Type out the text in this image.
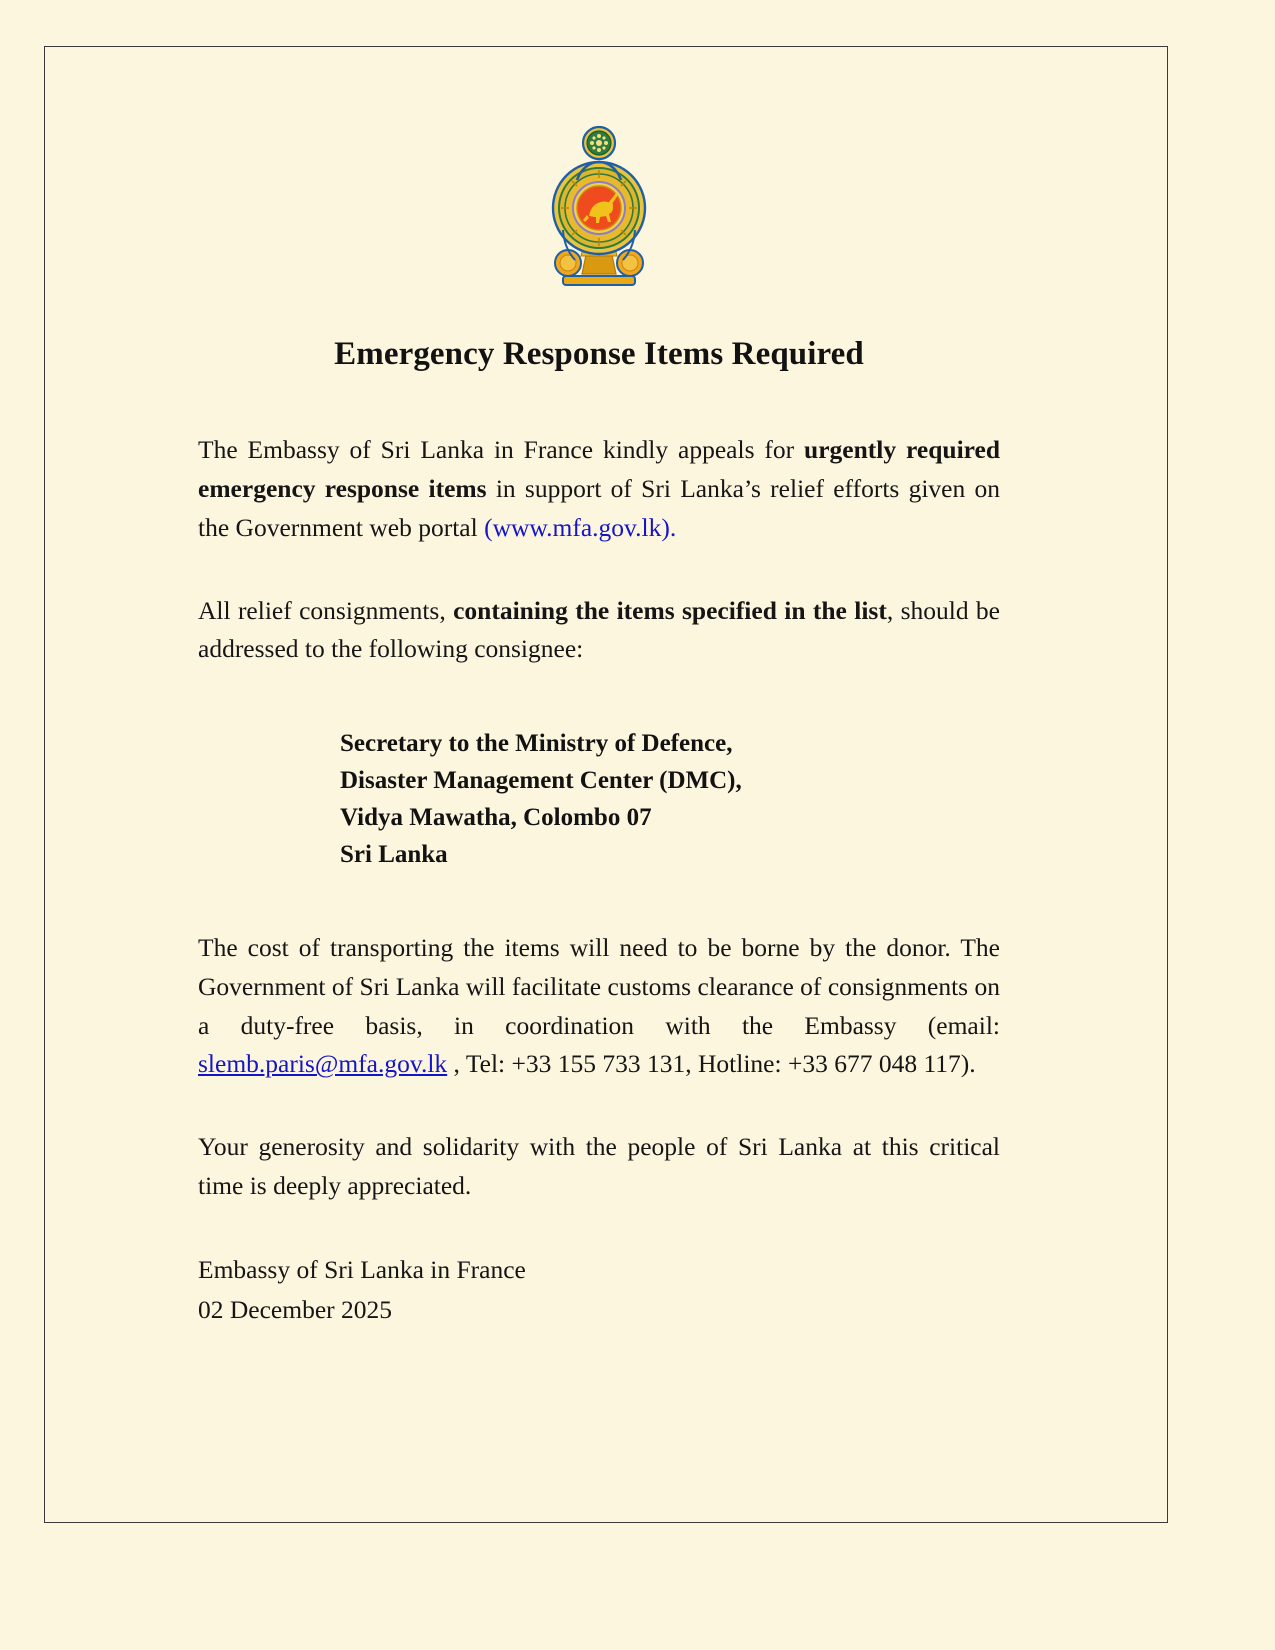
Emergency Response Items Required

The Embassy of Sri Lanka in France kindly appeals for urgently required emergency response items in support of Sri Lanka’s relief efforts given on the Government web portal (www.mfa.gov.lk).

All relief consignments, containing the items specified in the list, should be addressed to the following consignee:

Secretary to the Ministry of Defence,
Disaster Management Center (DMC),
Vidya Mawatha, Colombo 07
Sri Lanka

The cost of transporting the items will need to be borne by the donor. The Government of Sri Lanka will facilitate customs clearance of consignments on a duty-free basis, in coordination with the Embassy (email: slemb.paris@mfa.gov.lk , Tel: +33 155 733 131, Hotline: +33 677 048 117).

Your generosity and solidarity with the people of Sri Lanka at this critical time is deeply appreciated.

Embassy of Sri Lanka in France
02 December 2025
